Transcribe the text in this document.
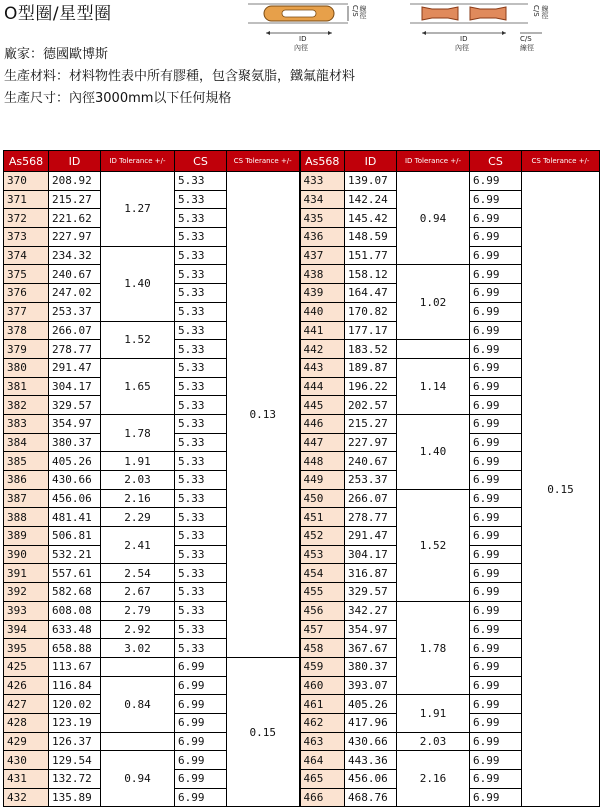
O型圈/星型圈
ID
內徑
C/S 線徑
ID
內徑
C/S
線徑
C/S 線徑
廠家：德國歐博斯
生產材料：材料物性表中所有膠種，包含聚氨脂，鐵氟龍材料
生產尺寸：內徑3000mm以下任何規格
As568	ID	ID Tolerance +/-	CS	CS Tolerance +/-	As568	ID	ID Tolerance +/-	CS	CS Tolerance +/-
370	208.92	1.27	5.33	0.13	433	139.07	0.94	6.99	0.15
371	215.27		5.33		434	142.24		6.99	
372	221.62		5.33		435	145.42		6.99	
373	227.97		5.33		436	148.59		6.99	
374	234.32	1.40	5.33		437	151.77		6.99	
375	240.67		5.33		438	158.12	1.02	6.99	
376	247.02		5.33		439	164.47		6.99	
377	253.37		5.33		440	170.82		6.99	
378	266.07	1.52	5.33		441	177.17		6.99	
379	278.77		5.33		442	183.52		6.99	
380	291.47	1.65	5.33		443	189.87	1.14	6.99	
381	304.17		5.33		444	196.22		6.99	
382	329.57		5.33		445	202.57		6.99	
383	354.97	1.78	5.33		446	215.27	1.40	6.99	
384	380.37		5.33		447	227.97		6.99	
385	405.26	1.91	5.33		448	240.67		6.99	
386	430.66	2.03	5.33		449	253.37		6.99	
387	456.06	2.16	5.33		450	266.07	1.52	6.99	
388	481.41	2.29	5.33		451	278.77		6.99	
389	506.81	2.41	5.33		452	291.47		6.99	
390	532.21		5.33		453	304.17		6.99	
391	557.61	2.54	5.33		454	316.87		6.99	
392	582.68	2.67	5.33		455	329.57		6.99	
393	608.08	2.79	5.33		456	342.27	1.78	6.99	
394	633.48	2.92	5.33		457	354.97		6.99	
395	658.88	3.02	5.33		458	367.67		6.99	
425	113.67		6.99	0.15	459	380.37		6.99	
426	116.84	0.84	6.99		460	393.07		6.99	
427	120.02		6.99		461	405.26	1.91	6.99	
428	123.19		6.99		462	417.96		6.99	
429	126.37		6.99		463	430.66	2.03	6.99	
430	129.54	0.94	6.99		464	443.36	2.16	6.99	
431	132.72		6.99		465	456.06		6.99	
432	135.89		6.99		466	468.76		6.99	
